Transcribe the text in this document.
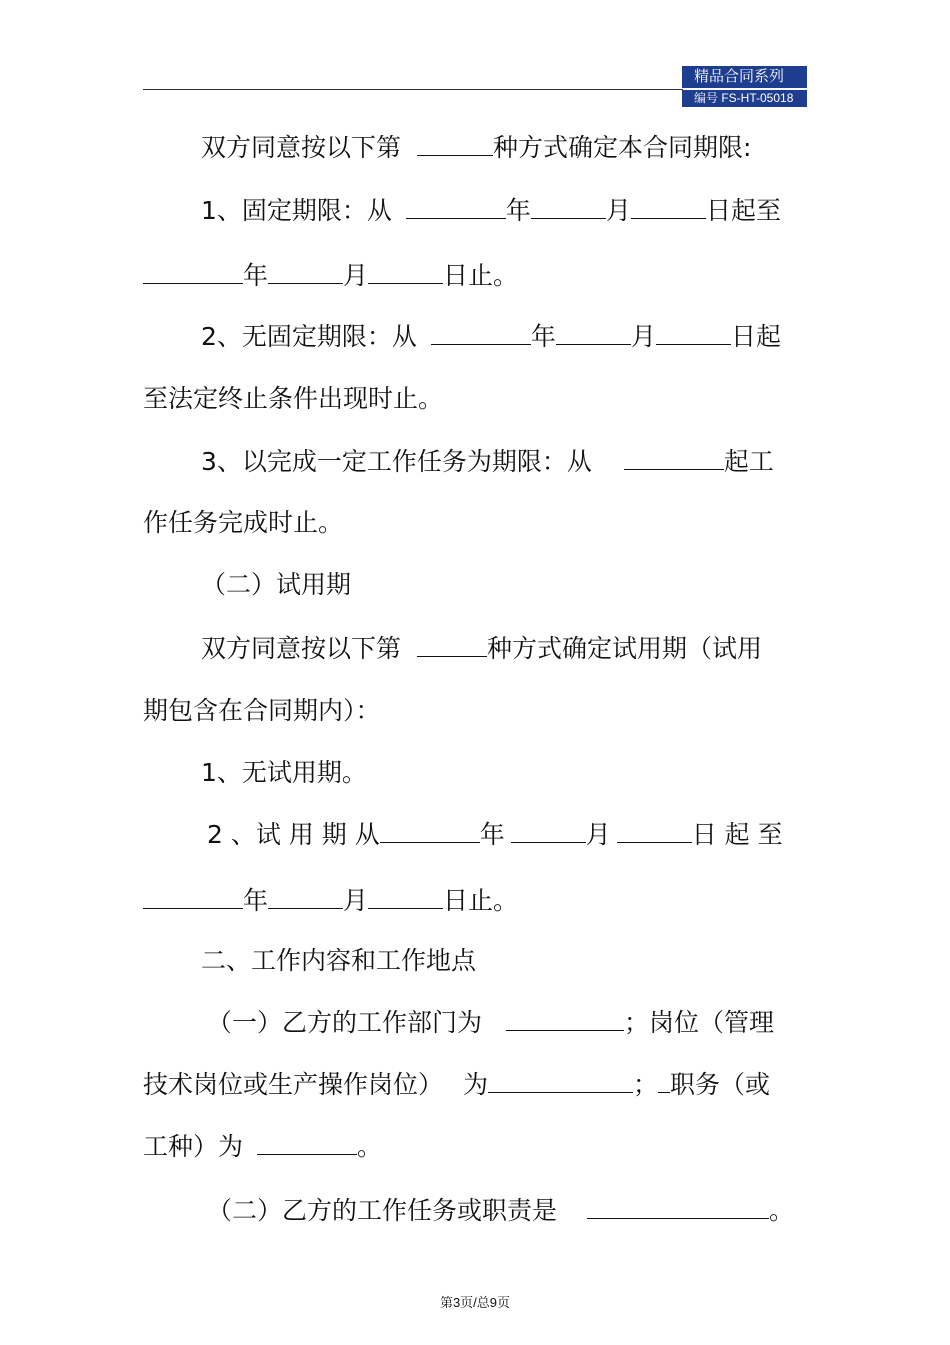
精品合同系列
编号 FS-HT-05018
双方同意按以下第	种方式确定本合同期限:
1、固定期限：从	年	月	日起至
年	月	日止。
2、无固定期限：从	年	月	日起
至法定终止条件出现时止。
3、以完成一定工作任务为期限：从	起工
作任务完成时止。
（二）试用期
双方同意按以下第	种方式确定试用期（试用
期包含在合同期内）：
1、无试用期。
2 、试 用 期 从	年	月	日 起 至
年	月	日止。
二、工作内容和工作地点
（一）乙方的工作部门为	；岗位（管理
技术岗位或生产操作岗位） 为	； 职务（或
工种）为	。
（二）乙方的工作任务或职责是	。
第3页/总9页
